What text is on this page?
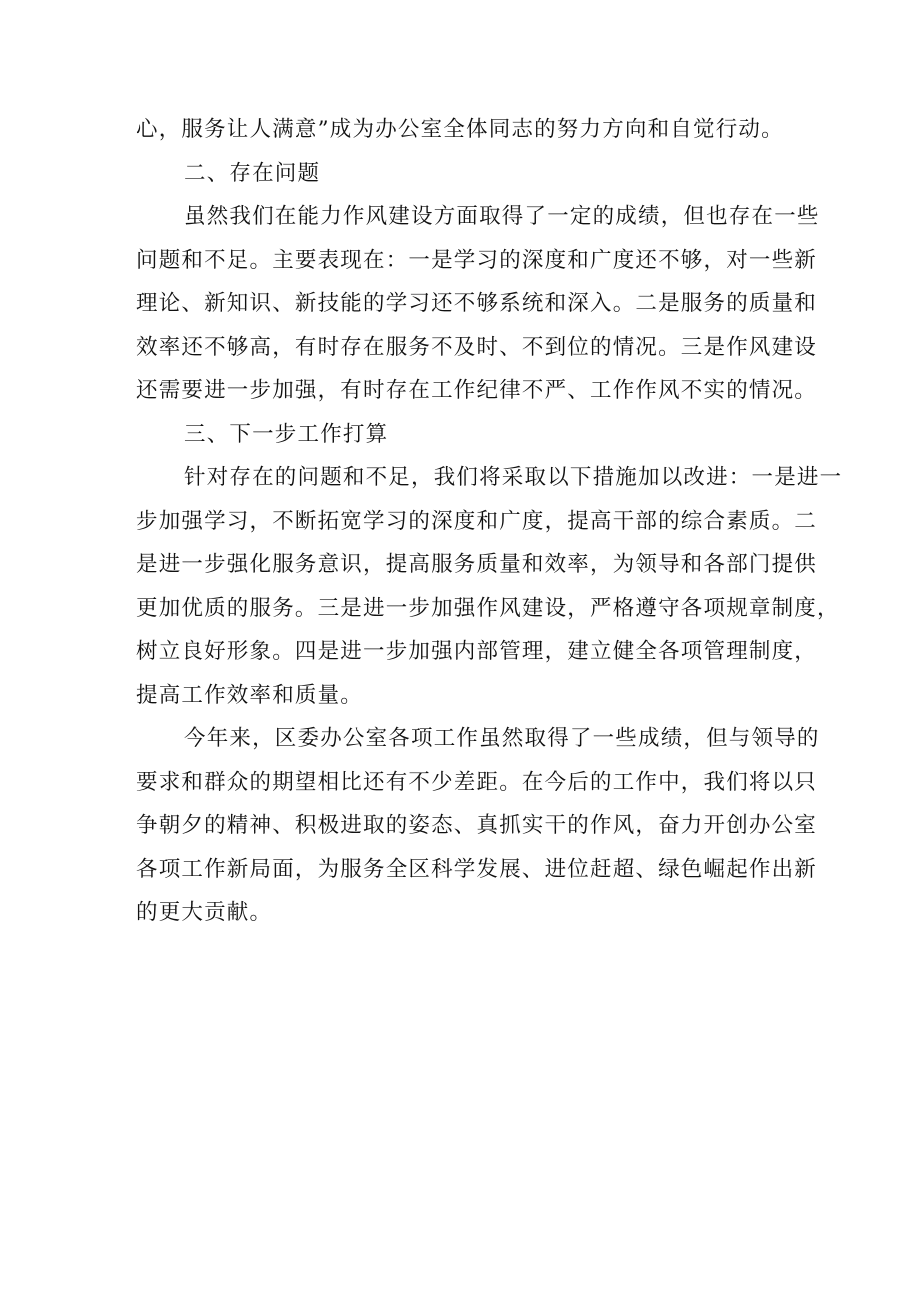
心，服务让人满意”成为办公室全体同志的努力方向和自觉行动。
二、存在问题
虽然我们在能力作风建设方面取得了一定的成绩，但也存在一些
问题和不足。主要表现在：一是学习的深度和广度还不够，对一些新
理论、新知识、新技能的学习还不够系统和深入。二是服务的质量和
效率还不够高，有时存在服务不及时、不到位的情况。三是作风建设
还需要进一步加强，有时存在工作纪律不严、工作作风不实的情况。
三、下一步工作打算
针对存在的问题和不足，我们将采取以下措施加以改进：一是进一
步加强学习，不断拓宽学习的深度和广度，提高干部的综合素质。二
是进一步强化服务意识，提高服务质量和效率，为领导和各部门提供
更加优质的服务。三是进一步加强作风建设，严格遵守各项规章制度，
树立良好形象。四是进一步加强内部管理，建立健全各项管理制度，
提高工作效率和质量。
今年来，区委办公室各项工作虽然取得了一些成绩，但与领导的
要求和群众的期望相比还有不少差距。在今后的工作中，我们将以只
争朝夕的精神、积极进取的姿态、真抓实干的作风，奋力开创办公室
各项工作新局面，为服务全区科学发展、进位赶超、绿色崛起作出新
的更大贡献。
